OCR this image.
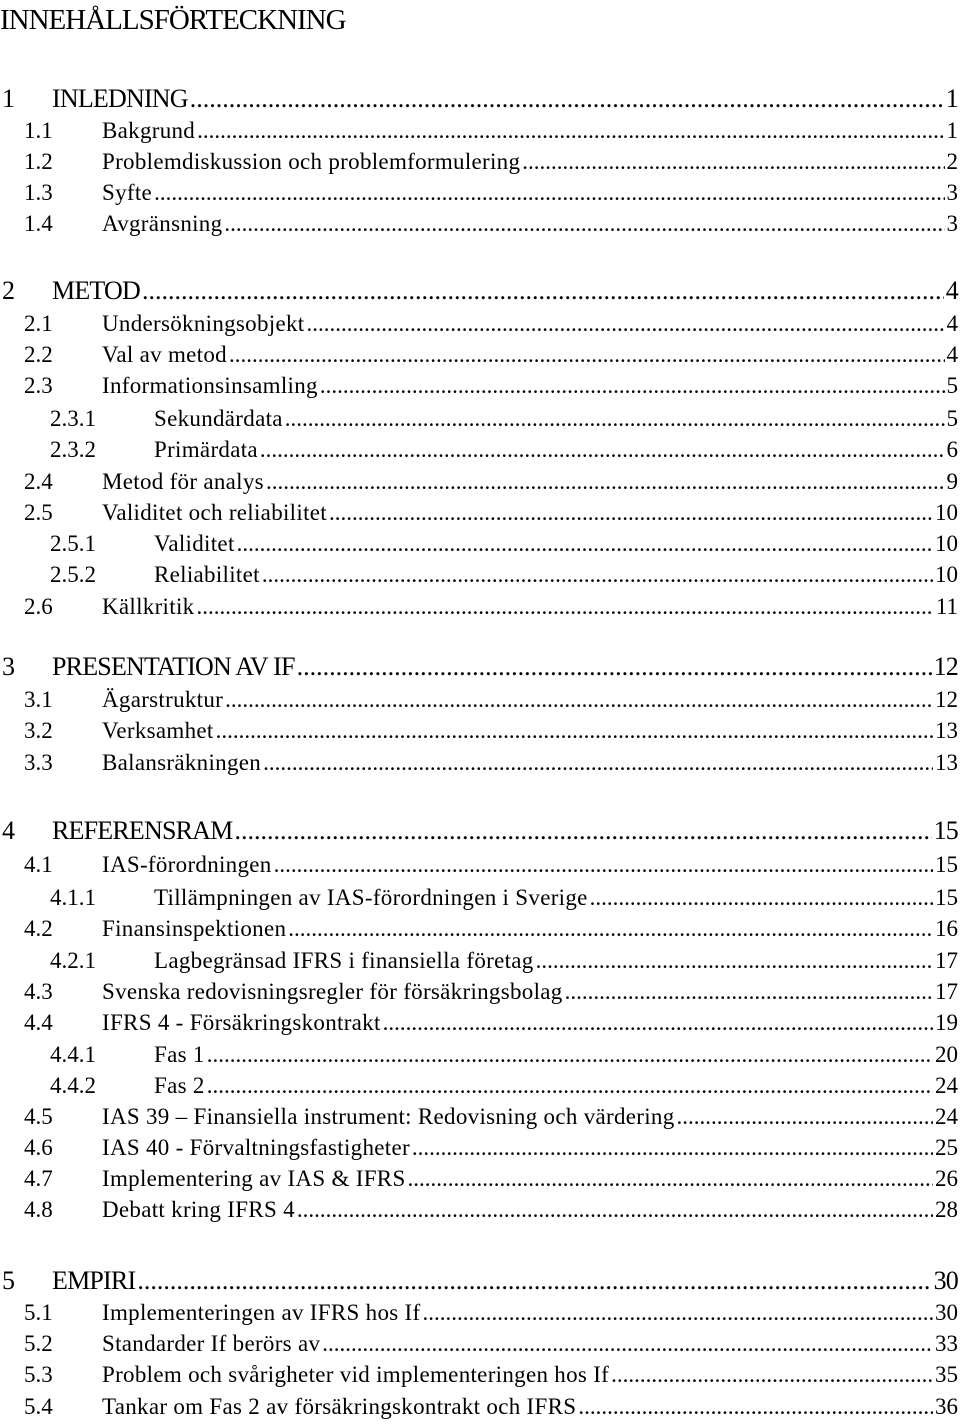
INNEHÅLLSFÖRTECKNING
1	INLEDNING .....	1
1.1	Bakgrund .....	1
1.2	Problemdiskussion och problemformulering .....	2
1.3	Syfte .....	3
1.4	Avgränsning .....	3
2	METOD .....	4
2.1	Undersökningsobjekt .....	4
2.2	Val av metod .....	4
2.3	Informationsinsamling .....	5
2.3.1	Sekundärdata .....	5
2.3.2	Primärdata .....	6
2.4	Metod för analys .....	9
2.5	Validitet och reliabilitet .....	10
2.5.1	Validitet .....	10
2.5.2	Reliabilitet .....	10
2.6	Källkritik .....	11
3	PRESENTATION AV IF .....	12
3.1	Ägarstruktur .....	12
3.2	Verksamhet .....	13
3.3	Balansräkningen .....	13
4	REFERENSRAM .....	15
4.1	IAS-förordningen .....	15
4.1.1	Tillämpningen av IAS-förordningen i Sverige .....	15
4.2	Finansinspektionen .....	16
4.2.1	Lagbegränsad IFRS i finansiella företag .....	17
4.3	Svenska redovisningsregler för försäkringsbolag .....	17
4.4	IFRS 4 - Försäkringskontrakt .....	19
4.4.1	Fas 1 .....	20
4.4.2	Fas 2 .....	24
4.5	IAS 39 – Finansiella instrument: Redovisning och värdering .....	24
4.6	IAS 40 - Förvaltningsfastigheter .....	25
4.7	Implementering av IAS & IFRS .....	26
4.8	Debatt kring IFRS 4 .....	28
5	EMPIRI .....	30
5.1	Implementeringen av IFRS hos If .....	30
5.2	Standarder If berörs av .....	33
5.3	Problem och svårigheter vid implementeringen hos If .....	35
5.4	Tankar om Fas 2 av försäkringskontrakt och IFRS .....	36
